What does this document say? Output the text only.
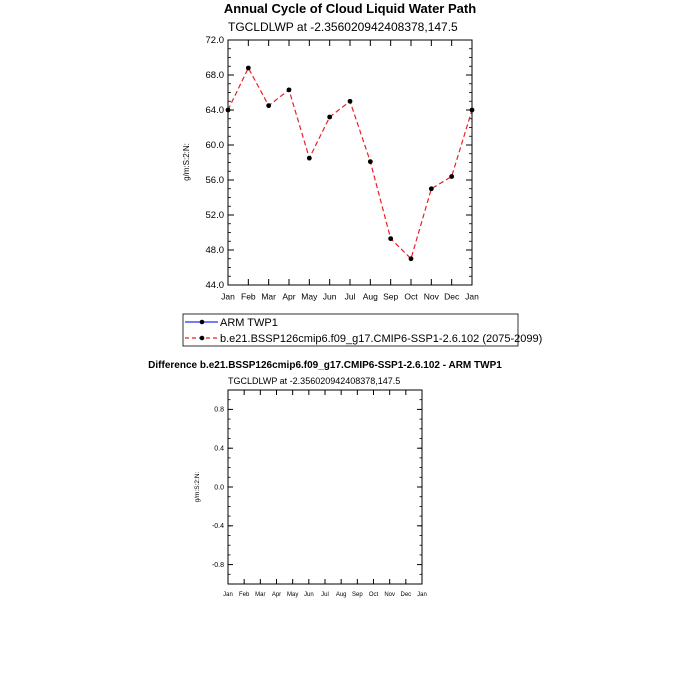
Annual Cycle of Cloud Liquid Water Path
TGCLDLWP at -2.356020942408378,147.5
g/m:S:2:N:
44.0
48.0
52.0
56.0
60.0
64.0
68.0
72.0
Jan Feb Mar Apr May Jun Jul Aug Sep Oct Nov Dec Jan
ARM TWP1
b.e21.BSSP126cmip6.f09_g17.CMIP6-SSP1-2.6.102 (2075-2099)
Difference b.e21.BSSP126cmip6.f09_g17.CMIP6-SSP1-2.6.102 - ARM TWP1
TGCLDLWP at -2.356020942408378,147.5
g/m:S:2:N:
-0.8
-0.4
0.0
0.4
0.8
Jan Feb Mar Apr May Jun Jul Aug Sep Oct Nov Dec Jan
